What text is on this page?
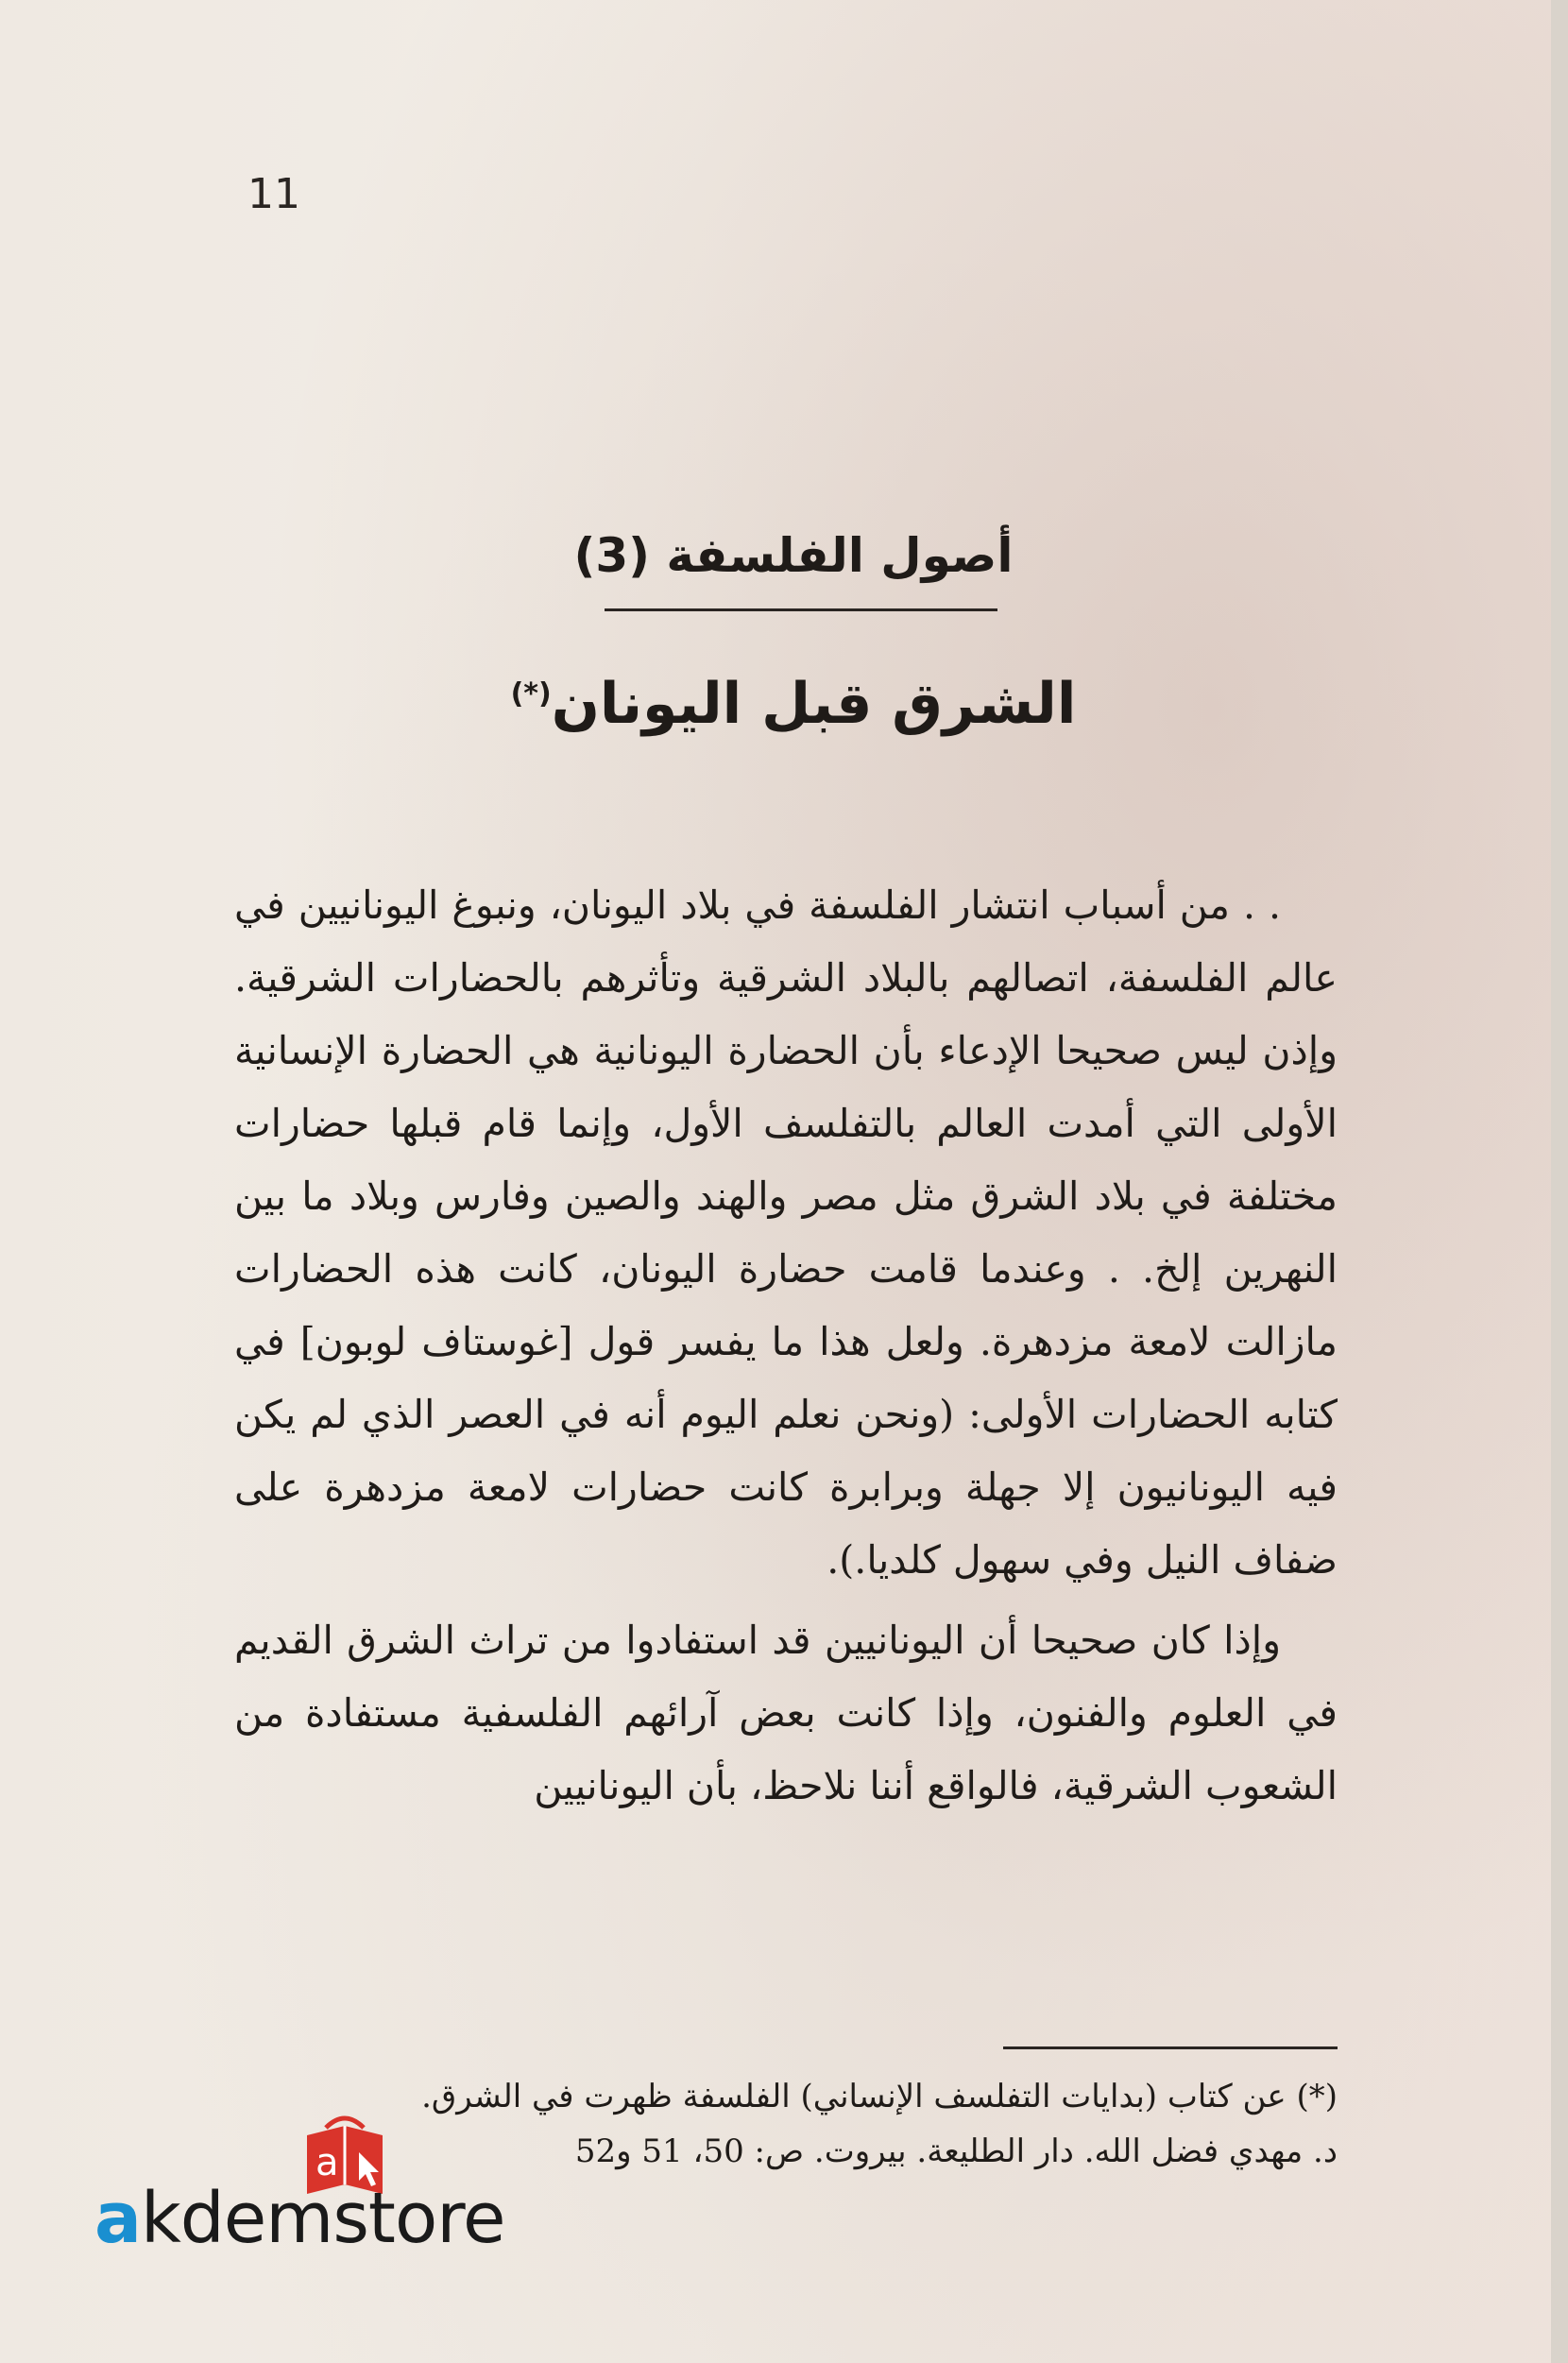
11
أصول الفلسفة (3)
الشرق قبل اليونان(*)

. . من أسباب انتشار الفلسفة في بلاد اليونان، ونبوغ اليونانيين في عالم الفلسفة، اتصالهم بالبلاد الشرقية وتأثرهم بالحضارات الشرقية. وإذن ليس صحيحا الإدعاء بأن الحضارة اليونانية هي الحضارة الإنسانية الأولى التي أمدت العالم بالتفلسف الأول، وإنما قام قبلها حضارات مختلفة في بلاد الشرق مثل مصر والهند والصين وفارس وبلاد ما بين النهرين إلخ. . وعندما قامت حضارة اليونان، كانت هذه الحضارات مازالت لامعة مزدهرة. ولعل هذا ما يفسر قول [غوستاف لوبون] في كتابه الحضارات الأولى: (ونحن نعلم اليوم أنه في العصر الذي لم يكن فيه اليونانيون إلا جهلة وبرابرة كانت حضارات لامعة مزدهرة على ضفاف النيل وفي سهول كلديا.).

وإذا كان صحيحا أن اليونانيين قد استفادوا من تراث الشرق القديم في العلوم والفنون، وإذا كانت بعض آرائهم الفلسفية مستفادة من الشعوب الشرقية، فالواقع أننا نلاحظ، بأن اليونانيين

(*) عن كتاب (بدايات التفلسف الإنساني) الفلسفة ظهرت في الشرق.
د. مهدي فضل الله. دار الطليعة. بيروت. ص: 50، 51 و52
a
akdemstore
